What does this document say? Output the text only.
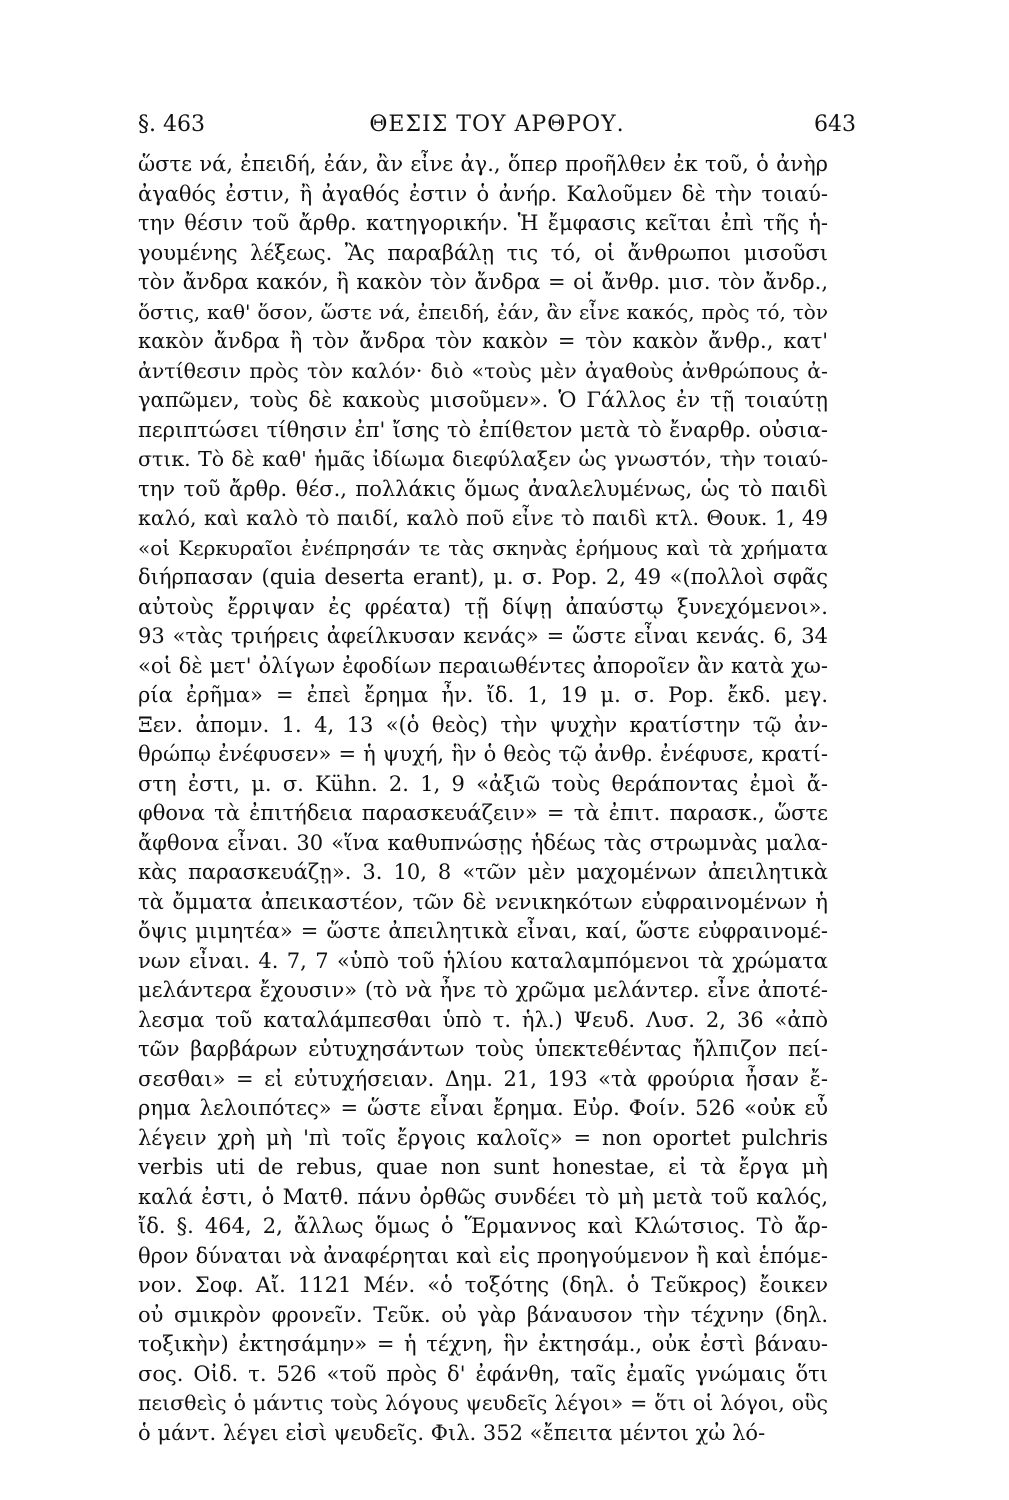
§. 463	ΘΕΣΙΣ ΤΟΥ ΑΡΘΡΟΥ.	643
ὥστε νά, ἐπειδή, ἐάν, ἂν εἶνε ἀγ., ὅπερ προῆλθεν ἐκ τοῦ, ὁ ἀνὴρ
ἀγαθός ἐστιν, ἢ ἀγαθός ἐστιν ὁ ἀνήρ. Καλοῦμεν δὲ τὴν τοιαύ-
την θέσιν τοῦ ἄρθρ. κατηγορικήν. Ἡ ἔμφασις κεῖται ἐπὶ τῆς ἡ-
γουμένης λέξεως. Ἂς παραβάλῃ τις τό, οἱ ἄνθρωποι μισοῦσι
τὸν ἄνδρα κακόν, ἢ κακὸν τὸν ἄνδρα = οἱ ἄνθρ. μισ. τὸν ἄνδρ.,
ὅστις, καθ' ὅσον, ὥστε νά, ἐπειδή, ἐάν, ἂν εἶνε κακός, πρὸς τό, τὸν
κακὸν ἄνδρα ἢ τὸν ἄνδρα τὸν κακὸν = τὸν κακὸν ἄνθρ., κατ'
ἀντίθεσιν πρὸς τὸν καλόν· διὸ «τοὺς μὲν ἀγαθοὺς ἀνθρώπους ἀ-
γαπῶμεν, τοὺς δὲ κακοὺς μισοῦμεν». Ὁ Γάλλος ἐν τῇ τοιαύτῃ
περιπτώσει τίθησιν ἐπ' ἴσης τὸ ἐπίθετον μετὰ τὸ ἔναρθρ. οὐσια-
στικ. Τὸ δὲ καθ' ἡμᾶς ἰδίωμα διεφύλαξεν ὡς γνωστόν, τὴν τοιαύ-
την τοῦ ἄρθρ. θέσ., πολλάκις ὅμως ἀναλελυμένως, ὡς τὸ παιδὶ
καλό, καὶ καλὸ τὸ παιδί, καλὸ ποῦ εἶνε τὸ παιδὶ κτλ. Θουκ. 1, 49
«οἱ Κερκυραῖοι ἐνέπρησάν τε τὰς σκηνὰς ἐρήμους καὶ τὰ χρήματα
διήρπασαν (quia deserta erant), μ. σ. Pop. 2, 49 «(πολλοὶ σφᾶς
αὐτοὺς ἔρριψαν ἐς φρέατα) τῇ δίψῃ ἀπαύστῳ ξυνεχόμενοι».
93 «τὰς τριήρεις ἀφείλκυσαν κενάς» = ὥστε εἶναι κενάς. 6, 34
«οἱ δὲ μετ' ὀλίγων ἐφοδίων περαιωθέντες ἀποροῖεν ἂν κατὰ χω-
ρία ἐρῆμα» = ἐπεὶ ἔρημα ἦν. ἴδ. 1, 19 μ. σ. Pop. ἔκδ. μεγ.
Ξεν. ἀπομν. 1. 4, 13 «(ὁ θεὸς) τὴν ψυχὴν κρατίστην τῷ ἀν-
θρώπῳ ἐνέφυσεν» = ἡ ψυχή, ἣν ὁ θεὸς τῷ ἀνθρ. ἐνέφυσε, κρατί-
στη ἐστι, μ. σ. Kühn. 2. 1, 9 «ἀξιῶ τοὺς θεράποντας ἐμοὶ ἄ-
φθονα τὰ ἐπιτήδεια παρασκευάζειν» = τὰ ἐπιτ. παρασκ., ὥστε
ἄφθονα εἶναι. 30 «ἵνα καθυπνώσῃς ἡδέως τὰς στρωμνὰς μαλα-
κὰς παρασκευάζῃ». 3. 10, 8 «τῶν μὲν μαχομένων ἀπειλητικὰ
τὰ ὄμματα ἀπεικαστέον, τῶν δὲ νενικηκότων εὐφραινομένων ἡ
ὄψις μιμητέα» = ὥστε ἀπειλητικὰ εἶναι, καί, ὥστε εὐφραινομέ-
νων εἶναι. 4. 7, 7 «ὑπὸ τοῦ ἡλίου καταλαμπόμενοι τὰ χρώματα
μελάντερα ἔχουσιν» (τὸ νὰ ἦνε τὸ χρῶμα μελάντερ. εἶνε ἀποτέ-
λεσμα τοῦ καταλάμπεσθαι ὑπὸ τ. ἡλ.) Ψευδ. Λυσ. 2, 36 «ἀπὸ
τῶν βαρβάρων εὐτυχησάντων τοὺς ὑπεκτεθέντας ἤλπιζον πεί-
σεσθαι» = εἰ εὐτυχήσειαν. Δημ. 21, 193 «τὰ φρούρια ἦσαν ἔ-
ρημα λελοιπότες» = ὥστε εἶναι ἔρημα. Εὐρ. Φοίν. 526 «οὐκ εὖ
λέγειν χρὴ μὴ 'πὶ τοῖς ἔργοις καλοῖς» = non oportet pulchris
verbis uti de rebus, quae non sunt honestae, εἰ τὰ ἔργα μὴ
καλά ἐστι, ὁ Ματθ. πάνυ ὀρθῶς συνδέει τὸ μὴ μετὰ τοῦ καλός,
ἴδ. §. 464, 2, ἄλλως ὅμως ὁ Ἕρμαννος καὶ Κλώτσιος. Τὸ ἄρ-
θρον δύναται νὰ ἀναφέρηται καὶ εἰς προηγούμενον ἢ καὶ ἑπόμε-
νον. Σοφ. Αἴ. 1121 Μέν. «ὁ τοξότης (δηλ. ὁ Τεῦκρος) ἔοικεν
οὐ σμικρὸν φρονεῖν. Τεῦκ. οὐ γὰρ βάναυσον τὴν τέχνην (δηλ.
τοξικὴν) ἐκτησάμην» = ἡ τέχνη, ἣν ἐκτησάμ., οὐκ ἐστὶ βάναυ-
σος. Οἰδ. τ. 526 «τοῦ πρὸς δ' ἐφάνθη, ταῖς ἐμαῖς γνώμαις ὅτι
πεισθεὶς ὁ μάντις τοὺς λόγους ψευδεῖς λέγοι» = ὅτι οἱ λόγοι, οὓς
ὁ μάντ. λέγει εἰσὶ ψευδεῖς. Φιλ. 352 «ἔπειτα μέντοι χὠ λό-
